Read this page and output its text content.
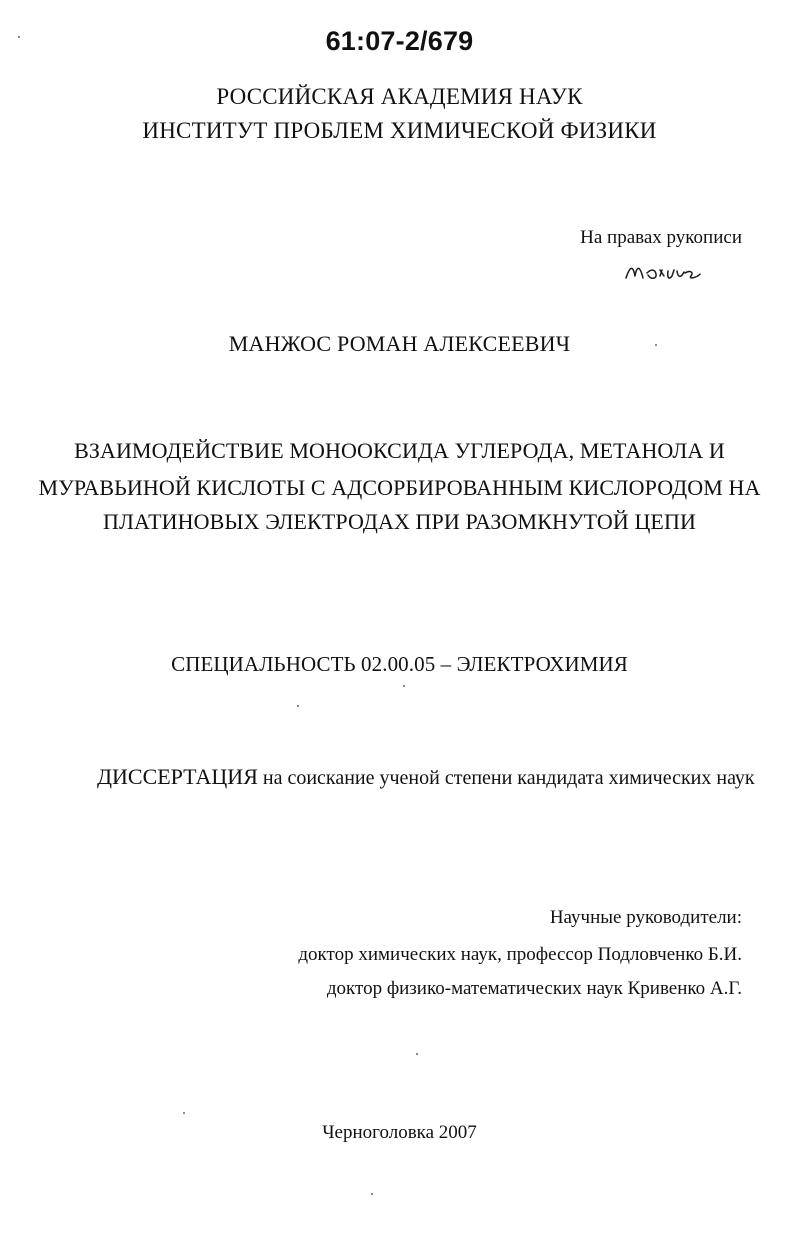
61:07-2/679
РОССИЙСКАЯ АКАДЕМИЯ НАУК
ИНСТИТУТ ПРОБЛЕМ ХИМИЧЕСКОЙ ФИЗИКИ
На правах рукописи
МАНЖОС РОМАН АЛЕКСЕЕВИЧ
ВЗАИМОДЕЙСТВИЕ МОНООКСИДА УГЛЕРОДА, МЕТАНОЛА И
МУРАВЬИНОЙ КИСЛОТЫ С АДСОРБИРОВАННЫМ КИСЛОРОДОМ НА
ПЛАТИНОВЫХ ЭЛЕКТРОДАХ ПРИ РАЗОМКНУТОЙ ЦЕПИ
СПЕЦИАЛЬНОСТЬ 02.00.05 – ЭЛЕКТРОХИМИЯ
ДИССЕРТАЦИЯ на соискание ученой степени кандидата химических наук
Научные руководители:
доктор химических наук, профессор Подловченко Б.И.
доктор физико-математических наук Кривенко А.Г.
Черноголовка 2007
